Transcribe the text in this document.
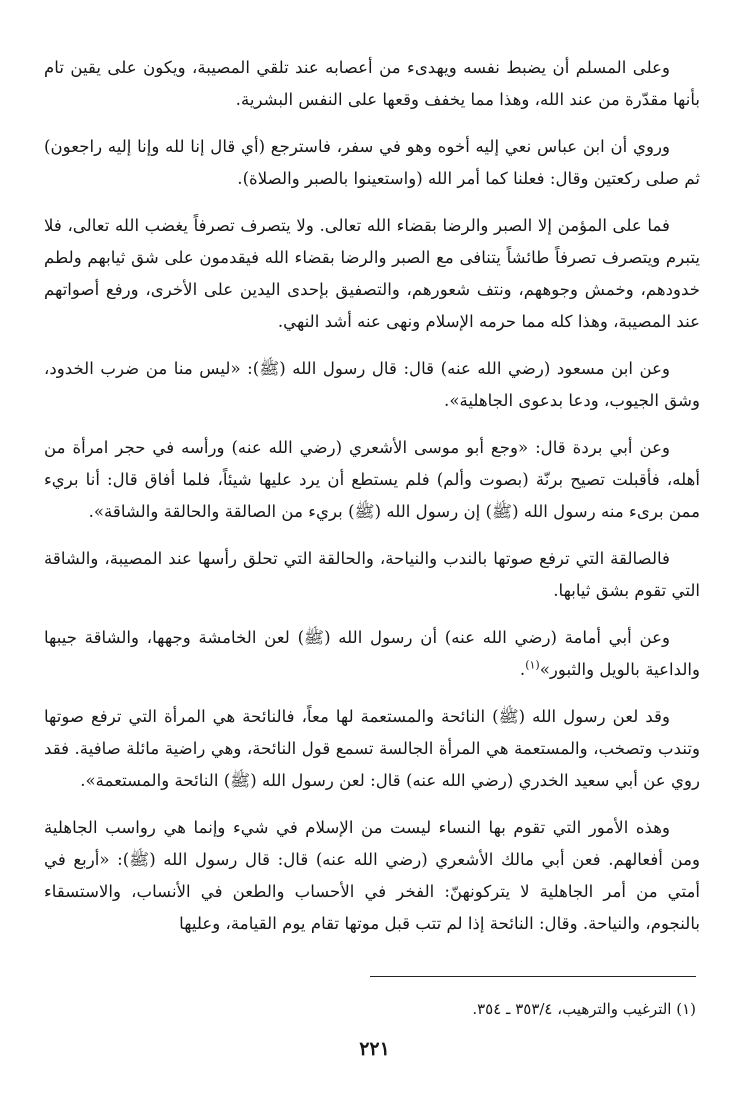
وعلى المسلم أن يضبط نفسه ويهدىء من أعصابه عند تلقي المصيبة، ويكون على يقين تام بأنها مقدّرة من عند الله، وهذا مما يخفف وقعها على النفس البشرية.

وروي أن ابن عباس نعي إليه أخوه وهو في سفر، فاسترجع (أي قال إنا لله وإنا إليه راجعون) ثم صلى ركعتين وقال: فعلنا كما أمر الله (واستعينوا بالصبر والصلاة).

فما على المؤمن إلا الصبر والرضا بقضاء الله تعالى. ولا يتصرف تصرفاً يغضب الله تعالى، فلا يتبرم ويتصرف تصرفاً طائشاً يتنافى مع الصبر والرضا بقضاء الله فيقدمون على شق ثيابهم ولطم خدودهم، وخمش وجوههم، ونتف شعورهم، والتصفيق بإحدى اليدين على الأخرى، ورفع أصواتهم عند المصيبة، وهذا كله مما حرمه الإسلام ونهى عنه أشد النهي.

وعن ابن مسعود (رضي الله عنه) قال: قال رسول الله (ﷺ): «ليس منا من ضرب الخدود، وشق الجيوب، ودعا بدعوى الجاهلية».

وعن أبي بردة قال: «وجع أبو موسى الأشعري (رضي الله عنه) ورأسه في حجر امرأة من أهله، فأقبلت تصيح برنّة (بصوت وألم) فلم يستطع أن يرد عليها شيئاً، فلما أفاق قال: أنا بريء ممن برىء منه رسول الله (ﷺ) إن رسول الله (ﷺ) بريء من الصالقة والحالقة والشاقة».

فالصالقة التي ترفع صوتها بالندب والنياحة، والحالقة التي تحلق رأسها عند المصيبة، والشاقة التي تقوم بشق ثيابها.

وعن أبي أمامة (رضي الله عنه) أن رسول الله (ﷺ) لعن الخامشة وجهها، والشاقة جيبها والداعية بالويل والثبور»$^{(١)}$.

وقد لعن رسول الله (ﷺ) النائحة والمستعمة لها معاً، فالنائحة هي المرأة التي ترفع صوتها وتندب وتصخب، والمستعمة هي المرأة الجالسة تسمع قول النائحة، وهي راضية مائلة صافية. فقد روي عن أبي سعيد الخدري (رضي الله عنه) قال: لعن رسول الله (ﷺ) النائحة والمستعمة».

وهذه الأمور التي تقوم بها النساء ليست من الإسلام في شيء وإنما هي رواسب الجاهلية ومن أفعالهم. فعن أبي مالك الأشعري (رضي الله عنه) قال: قال رسول الله (ﷺ): «أربع في أمتي من أمر الجاهلية لا يتركونهنّ: الفخر في الأحساب والطعن في الأنساب، والاستسقاء بالنجوم، والنياحة. وقال: النائحة إذا لم تتب قبل موتها تقام يوم القيامة، وعليها

(١) الترغيب والترهيب، ٣٥٣/٤ ـ ٣٥٤.
٢٢١
